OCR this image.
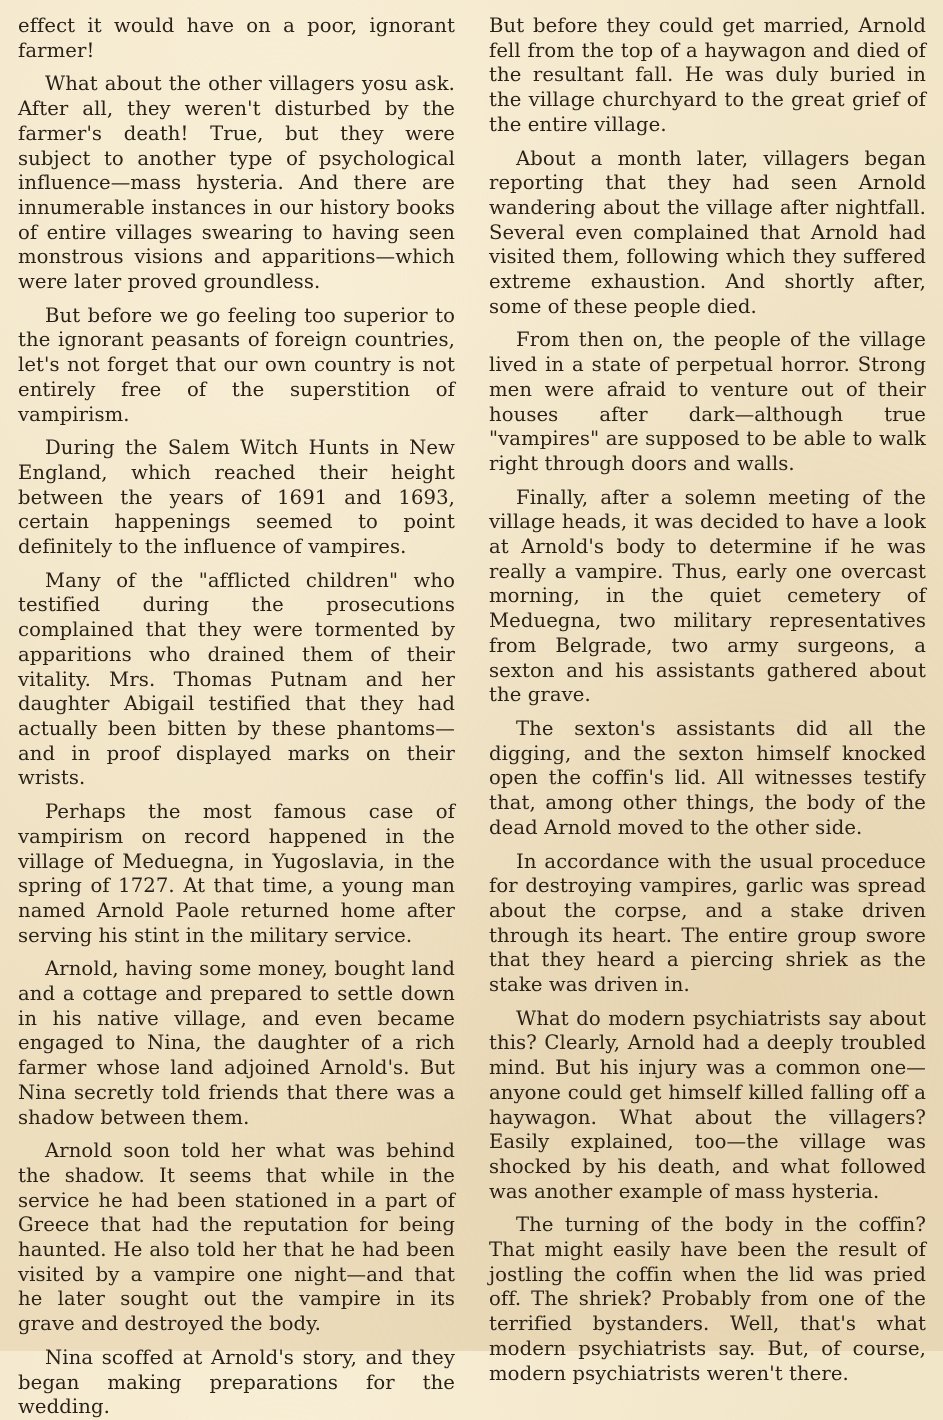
effect it would have on a poor, ignorant farmer!

What about the other villagers yosu ask. After all, they weren't disturbed by the farmer's death! True, but they were subject to another type of psychological influence—mass hysteria. And there are innumerable instances in our history books of entire villages swearing to having seen monstrous visions and apparitions—which were later proved groundless.

But before we go feeling too superior to the ignorant peasants of foreign countries, let's not forget that our own country is not entirely free of the superstition of vampirism.

During the Salem Witch Hunts in New England, which reached their height between the years of 1691 and 1693, certain happenings seemed to point definitely to the influence of vampires.

Many of the "afflicted children" who testified during the prosecutions complained that they were tormented by apparitions who drained them of their vitality. Mrs. Thomas Putnam and her daughter Abigail testified that they had actually been bitten by these phantoms—and in proof displayed marks on their wrists.

Perhaps the most famous case of vampirism on record happened in the village of Meduegna, in Yugoslavia, in the spring of 1727. At that time, a young man named Arnold Paole returned home after serving his stint in the military service.

Arnold, having some money, bought land and a cottage and prepared to settle down in his native village, and even became engaged to Nina, the daughter of a rich farmer whose land adjoined Arnold's. But Nina secretly told friends that there was a shadow between them.

Arnold soon told her what was behind the shadow. It seems that while in the service he had been stationed in a part of Greece that had the reputation for being haunted. He also told her that he had been visited by a vampire one night—and that he later sought out the vampire in its grave and destroyed the body.

Nina scoffed at Arnold's story, and they began making preparations for the wedding.

But before they could get married, Arnold fell from the top of a haywagon and died of the resultant fall. He was duly buried in the village churchyard to the great grief of the entire village.

About a month later, villagers began reporting that they had seen Arnold wandering about the village after nightfall. Several even complained that Arnold had visited them, following which they suffered extreme exhaustion. And shortly after, some of these people died.

From then on, the people of the village lived in a state of perpetual horror. Strong men were afraid to venture out of their houses after dark—although true "vampires" are supposed to be able to walk right through doors and walls.

Finally, after a solemn meeting of the village heads, it was decided to have a look at Arnold's body to determine if he was really a vampire. Thus, early one overcast morning, in the quiet cemetery of Meduegna, two military representatives from Belgrade, two army surgeons, a sexton and his assistants gathered about the grave.

The sexton's assistants did all the digging, and the sexton himself knocked open the coffin's lid. All witnesses testify that, among other things, the body of the dead Arnold moved to the other side.

In accordance with the usual proceduce for destroying vampires, garlic was spread about the corpse, and a stake driven through its heart. The entire group swore that they heard a piercing shriek as the stake was driven in.

What do modern psychiatrists say about this? Clearly, Arnold had a deeply troubled mind. But his injury was a common one—anyone could get himself killed falling off a haywagon. What about the villagers? Easily explained, too—the village was shocked by his death, and what followed was another example of mass hysteria.

The turning of the body in the coffin? That might easily have been the result of jostling the coffin when the lid was pried off. The shriek? Probably from one of the terrified bystanders. Well, that's what modern psychiatrists say. But, of course, modern psychiatrists weren't there.
